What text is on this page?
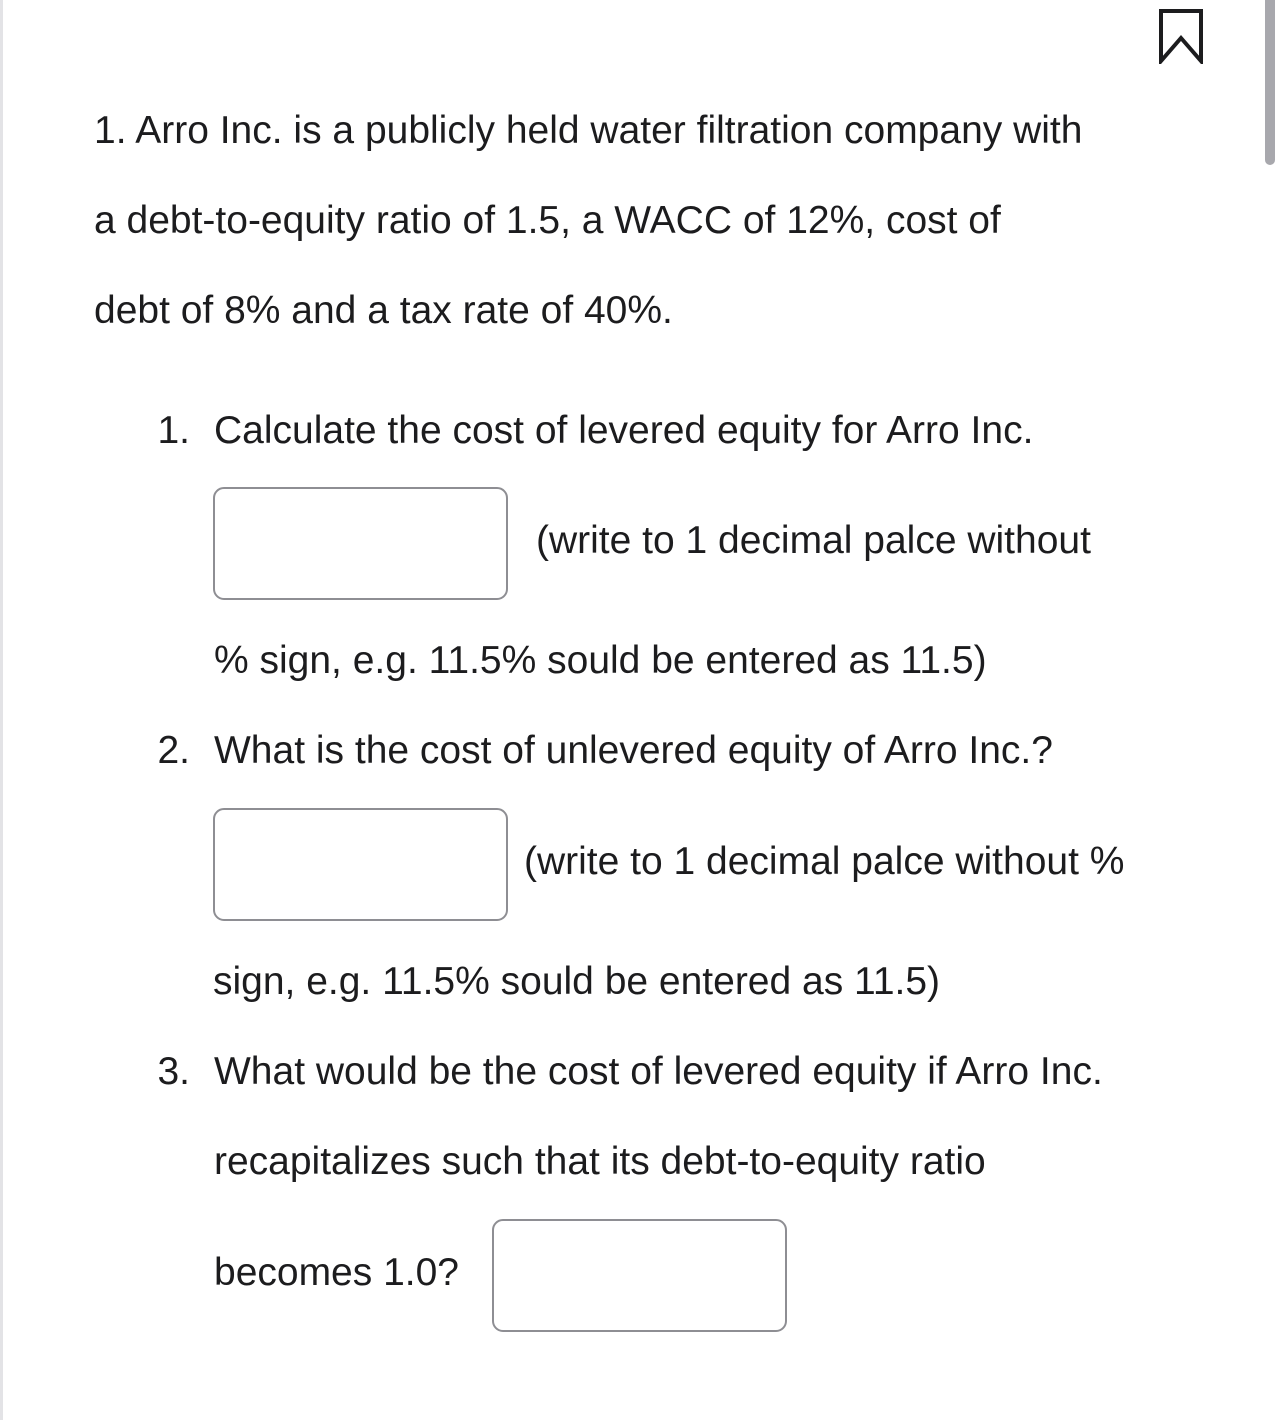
1. Arro Inc. is a publicly held water filtration company with
a debt-to-equity ratio of 1.5, a WACC of 12%, cost of
debt of 8% and a tax rate of 40%.
1. Calculate the cost of levered equity for Arro Inc.
(write to 1 decimal palce without
% sign, e.g. 11.5% sould be entered as 11.5)
2. What is the cost of unlevered equity of Arro Inc.?
(write to 1 decimal palce without %
sign, e.g. 11.5% sould be entered as 11.5)
3. What would be the cost of levered equity if Arro Inc.
recapitalizes such that its debt-to-equity ratio
becomes 1.0?
